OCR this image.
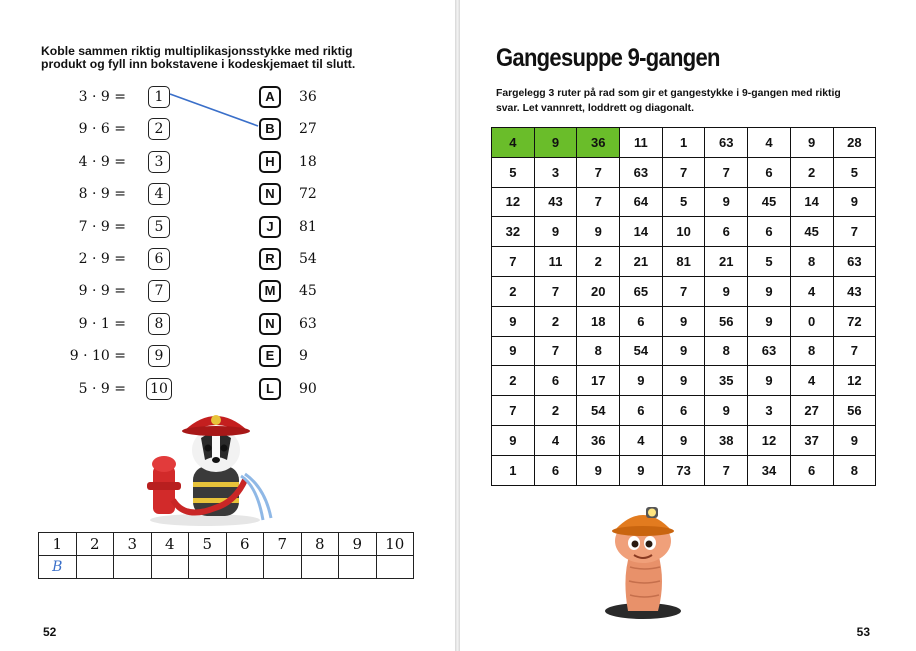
Koble sammen riktig multiplikasjonsstykke med riktig produkt og fyll inn bokstavene i kodeskjemaet til slutt.
3 · 9 =	1	A	36
9 · 6 =	2	B	27
4 · 9 =	3	H	18
8 · 9 =	4	N	72
7 · 9 =	5	J	81
2 · 9 =	6	R	54
9 · 9 =	7	M	45
9 · 1 =	8	N	63
9 · 10 =	9	E	9
5 · 9 = 10	L	90
1	2	3	4	5	6	7	8	9	10
B									
52
Gangesuppe 9-gangen
Fargelegg 3 ruter på rad som gir et gangestykke i 9-gangen med riktig svar. Let vannrett, loddrett og diagonalt.
4	9	36	11	1	63	4	9	28
5	3	7	63	7	7	6	2	5
12	43	7	64	5	9	45	14	9
32	9	9	14	10	6	6	45	7
7	11	2	21	81	21	5	8	63
2	7	20	65	7	9	9	4	43
9	2	18	6	9	56	9	0	72
9	7	8	54	9	8	63	8	7
2	6	17	9	9	35	9	4	12
7	2	54	6	6	9	3	27	56
9	4	36	4	9	38	12	37	9
1	6	9	9	73	7	34	6	8
53
